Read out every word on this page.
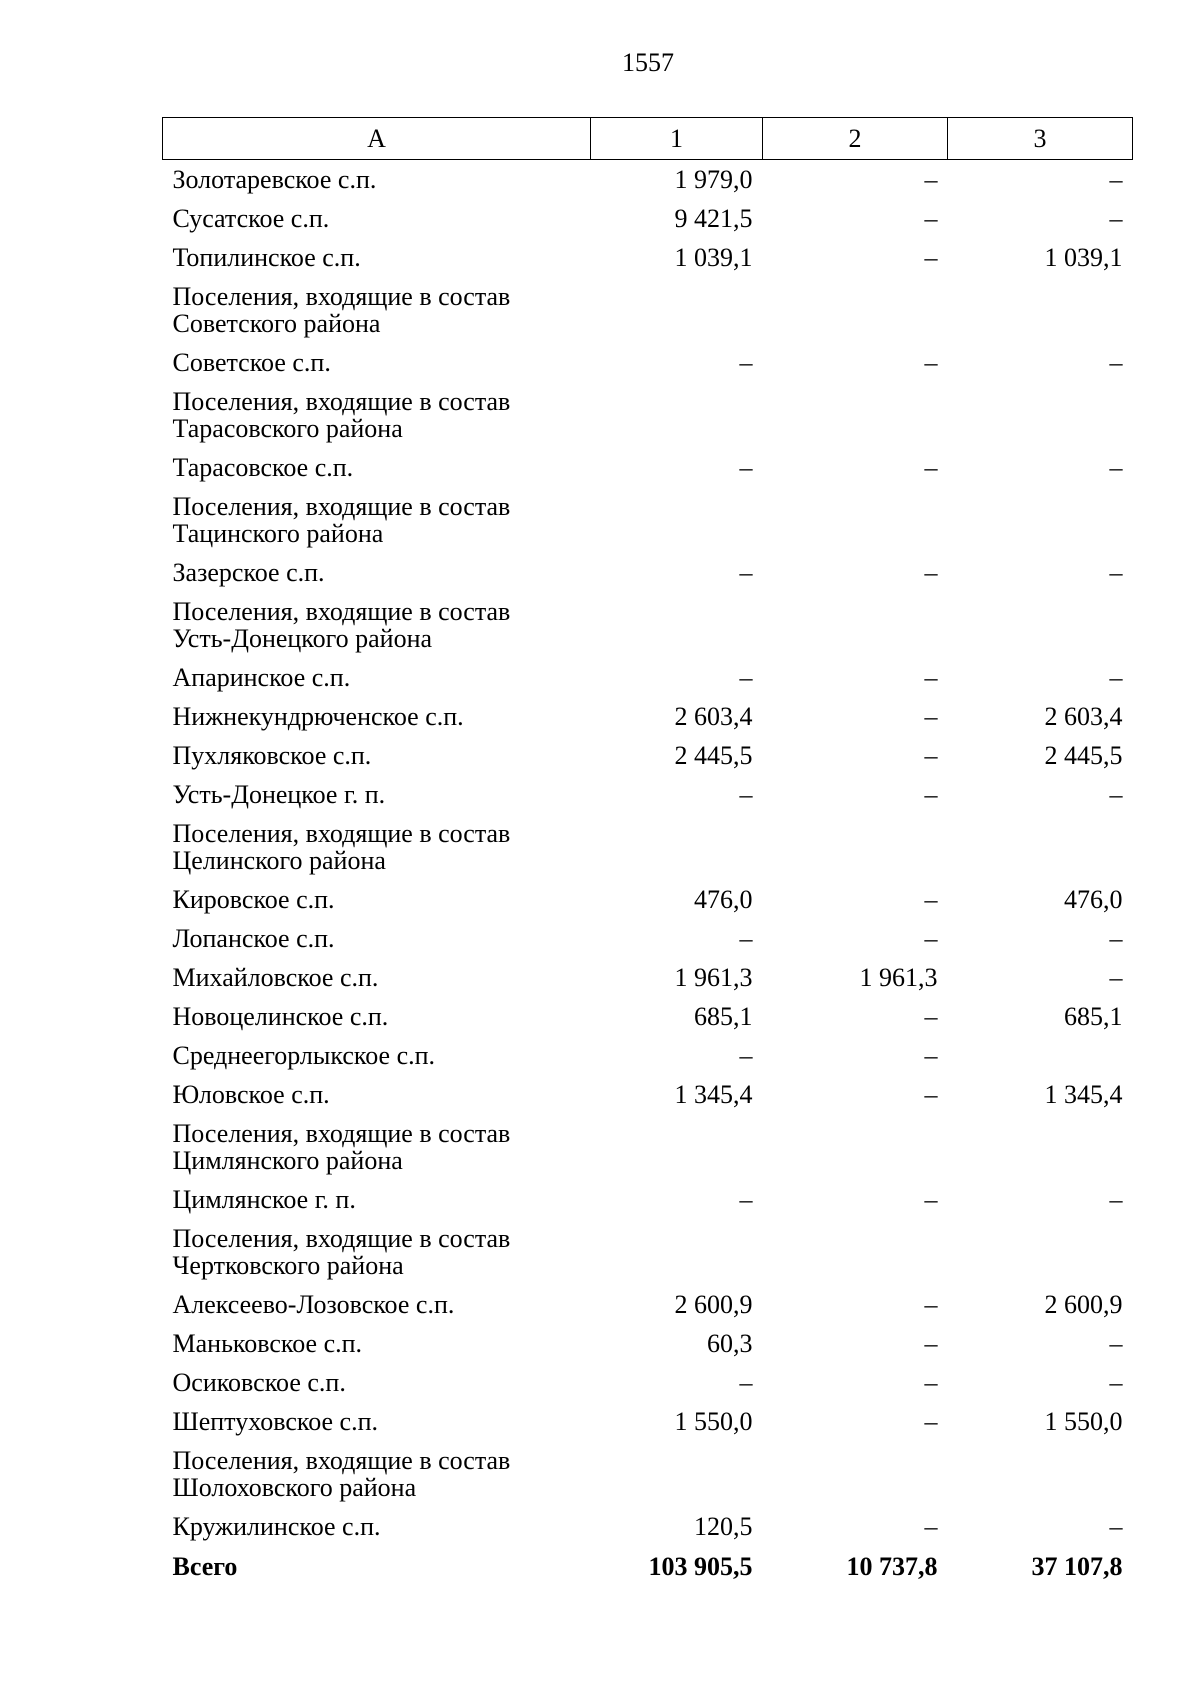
1557
А	1	2	3
Золотаревское с.п.	1 979,0	–	–
Сусатское с.п.	9 421,5	–	–
Топилинское с.п.	1 039,1	–	1 039,1

Поселения, входящие в состав
Советского района			

Советское с.п.	–	–	–

Поселения, входящие в состав
Тарасовского района			

Тарасовское с.п.	–	–	–

Поселения, входящие в состав
Тацинского района			

Зазерское с.п.	–	–	–

Поселения, входящие в состав
Усть-Донецкого района			

Апаринское с.п.	–	–	–
Нижнекундрюченское с.п.	2 603,4	–	2 603,4
Пухляковское с.п.	2 445,5	–	2 445,5
Усть-Донецкое г. п.	–	–	–

Поселения, входящие в состав
Целинского района			

Кировское с.п.	476,0	–	476,0
Лопанское с.п.	–	–	–
Михайловское с.п.	1 961,3	1 961,3	–
Новоцелинское с.п.	685,1	–	685,1
Среднеегорлыкское с.п.	–	–	
Юловское с.п.	1 345,4	–	1 345,4

Поселения, входящие в состав
Цимлянского района			

Цимлянское г. п.	–	–	–

Поселения, входящие в состав
Чертковского района			

Алексеево-Лозовское с.п.	2 600,9	–	2 600,9
Маньковское с.п.	60,3	–	–
Осиковское с.п.	–	–	–
Шептуховское с.п.	1 550,0	–	1 550,0

Поселения, входящие в состав
Шолоховского района			

Кружилинское с.п.	120,5	–	–
Всего	103 905,5	10 737,8	37 107,8
